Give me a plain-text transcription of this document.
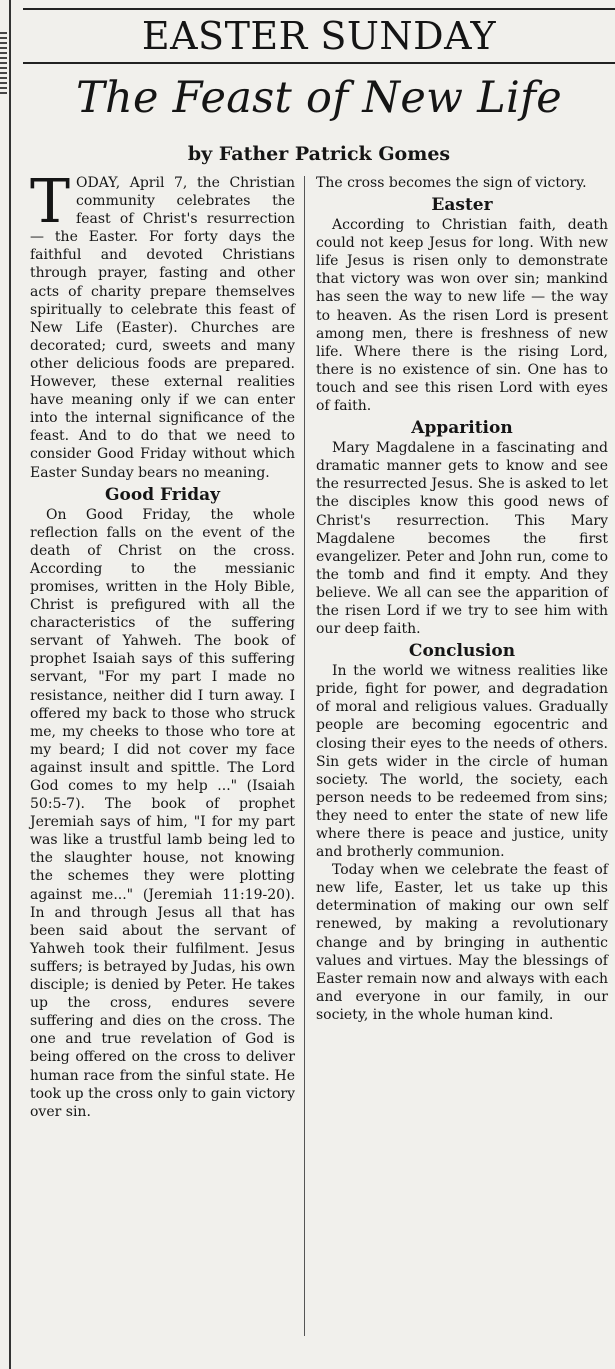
EASTER SUNDAY
The Feast of New Life
by Father Patrick Gomes

TODAY, April 7, the Christian community celebrates the feast of Christ's resurrection — the Easter. For forty days the faithful and devoted Christians through prayer, fasting and other acts of charity prepare themselves spiritually to celebrate this feast of New Life (Easter). Churches are decorated; curd, sweets and many other delicious foods are prepared. However, these external realities have meaning only if we can enter into the internal significance of the feast. And to do that we need to consider Good Friday without which Easter Sunday bears no meaning.

Good Friday

On Good Friday, the whole reflection falls on the event of the death of Christ on the cross. According to the messianic promises, written in the Holy Bible, Christ is prefigured with all the characteristics of the suffering servant of Yahweh. The book of prophet Isaiah says of this suffering servant, "For my part I made no resistance, neither did I turn away. I offered my back to those who struck me, my cheeks to those who tore at my beard; I did not cover my face against insult and spittle. The Lord God comes to my help ..." (Isaiah 50:5-7). The book of prophet Jeremiah says of him, "I for my part was like a trustful lamb being led to the slaughter house, not knowing the schemes they were plotting against me..." (Jeremiah 11:19-20). In and through Jesus all that has been said about the servant of Yahweh took their fulfilment. Jesus suffers; is betrayed by Judas, his own disciple; is denied by Peter. He takes up the cross, endures severe suffering and dies on the cross. The one and true revelation of God is being offered on the cross to deliver human race from the sinful state. He took up the cross only to gain victory over sin.

The cross becomes the sign of victory.

Easter

According to Christian faith, death could not keep Jesus for long. With new life Jesus is risen only to demonstrate that victory was won over sin; mankind has seen the way to new life — the way to heaven. As the risen Lord is present among men, there is freshness of new life. Where there is the rising Lord, there is no existence of sin. One has to touch and see this risen Lord with eyes of faith.

Apparition

Mary Magdalene in a fascinating and dramatic manner gets to know and see the resurrected Jesus. She is asked to let the disciples know this good news of Christ's resurrection. This Mary Magdalene becomes the first evangelizer. Peter and John run, come to the tomb and find it empty. And they believe. We all can see the apparition of the risen Lord if we try to see him with our deep faith.

Conclusion

In the world we witness realities like pride, fight for power, and degradation of moral and religious values. Gradually people are becoming egocentric and closing their eyes to the needs of others. Sin gets wider in the circle of human society. The world, the society, each person needs to be redeemed from sins; they need to enter the state of new life where there is peace and justice, unity and brotherly communion.

Today when we celebrate the feast of new life, Easter, let us take up this determination of making our own self renewed, by making a revolutionary change and by bringing in authentic values and virtues. May the blessings of Easter remain now and always with each and everyone in our family, in our society, in the whole human kind.
